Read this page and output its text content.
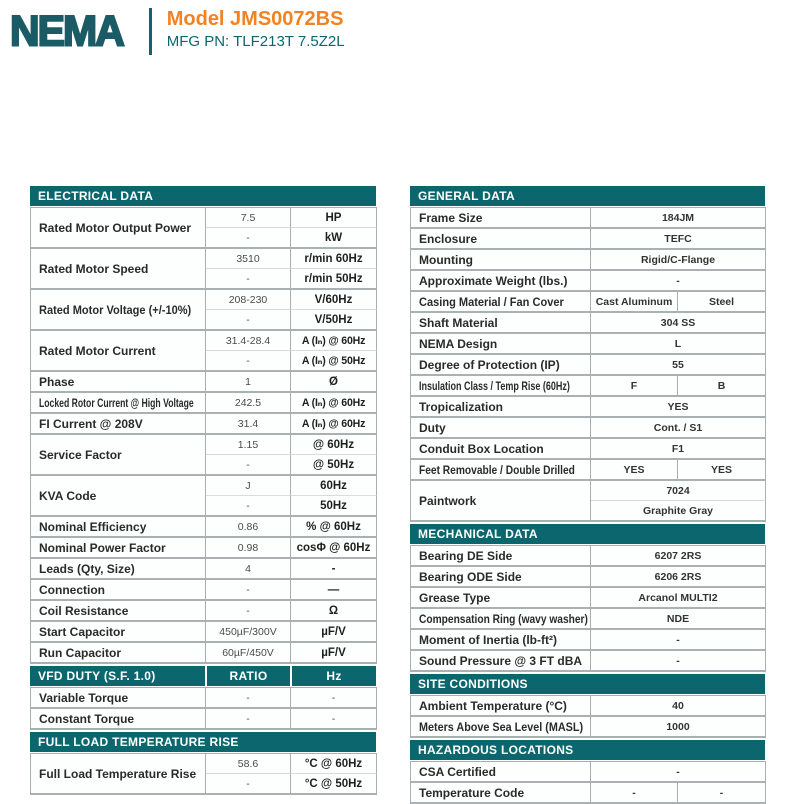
NEMA Model JMS0072BS
MFG PN: TLF213T 7.5Z2L
ELECTRICAL DATA
Rated Motor Output Power	7.5	HP
	-	kW
Rated Motor Speed	3510	r/min 60Hz
	-	r/min 50Hz
Rated Motor Voltage (+/-10%)	208-230	V/60Hz
	-	V/50Hz
Rated Motor Current	31.4-28.4	A (Iₙ) @ 60Hz
	-	A (Iₙ) @ 50Hz
Phase	1	Ø
Locked Rotor Current @ High Voltage	242.5	A (Iₙ) @ 60Hz
FI Current @ 208V	31.4	A (Iₙ) @ 60Hz
Service Factor	1.15	@ 60Hz
	-	@ 50Hz
KVA Code	J	60Hz
	-	50Hz
Nominal Efficiency	0.86	% @ 60Hz
Nominal Power Factor	0.98	cosΦ @ 60Hz
Leads (Qty, Size)	4	-
Connection	-	—
Coil Resistance	-	Ω
Start Capacitor	450µF/300V	µF/V
Run Capacitor	60µF/450V	µF/V
VFD DUTY (S.F. 1.0)	RATIO	Hz
Variable Torque	-	-
Constant Torque	-	-
FULL LOAD TEMPERATURE RISE
Full Load Temperature Rise	58.6	°C @ 60Hz
	-	°C @ 50Hz
GENERAL DATA
Frame Size	184JM	
Enclosure	TEFC	
Mounting	Rigid/C-Flange	
Approximate Weight (lbs.)	-	
Casing Material / Fan Cover	Cast Aluminum	Steel
Shaft Material	304 SS	
NEMA Design	L	
Degree of Protection (IP)	55	
Insulation Class / Temp Rise (60Hz)	F	B
Tropicalization	YES	
Duty	Cont. / S1	
Conduit Box Location	F1	
Feet Removable / Double Drilled	YES	YES
Paintwork	7024	
	Graphite Gray	
MECHANICAL DATA
Bearing DE Side	6207 2RS
Bearing ODE Side	6206 2RS
Grease Type	Arcanol MULTI2
Compensation Ring (wavy washer)	NDE
Moment of Inertia (lb-ft²)	-
Sound Pressure @ 3 FT dBA	-
SITE CONDITIONS
Ambient Temperature (°C)	40
Meters Above Sea Level (MASL)	1000
HAZARDOUS LOCATIONS
CSA Certified	-	
Temperature Code	-	-
